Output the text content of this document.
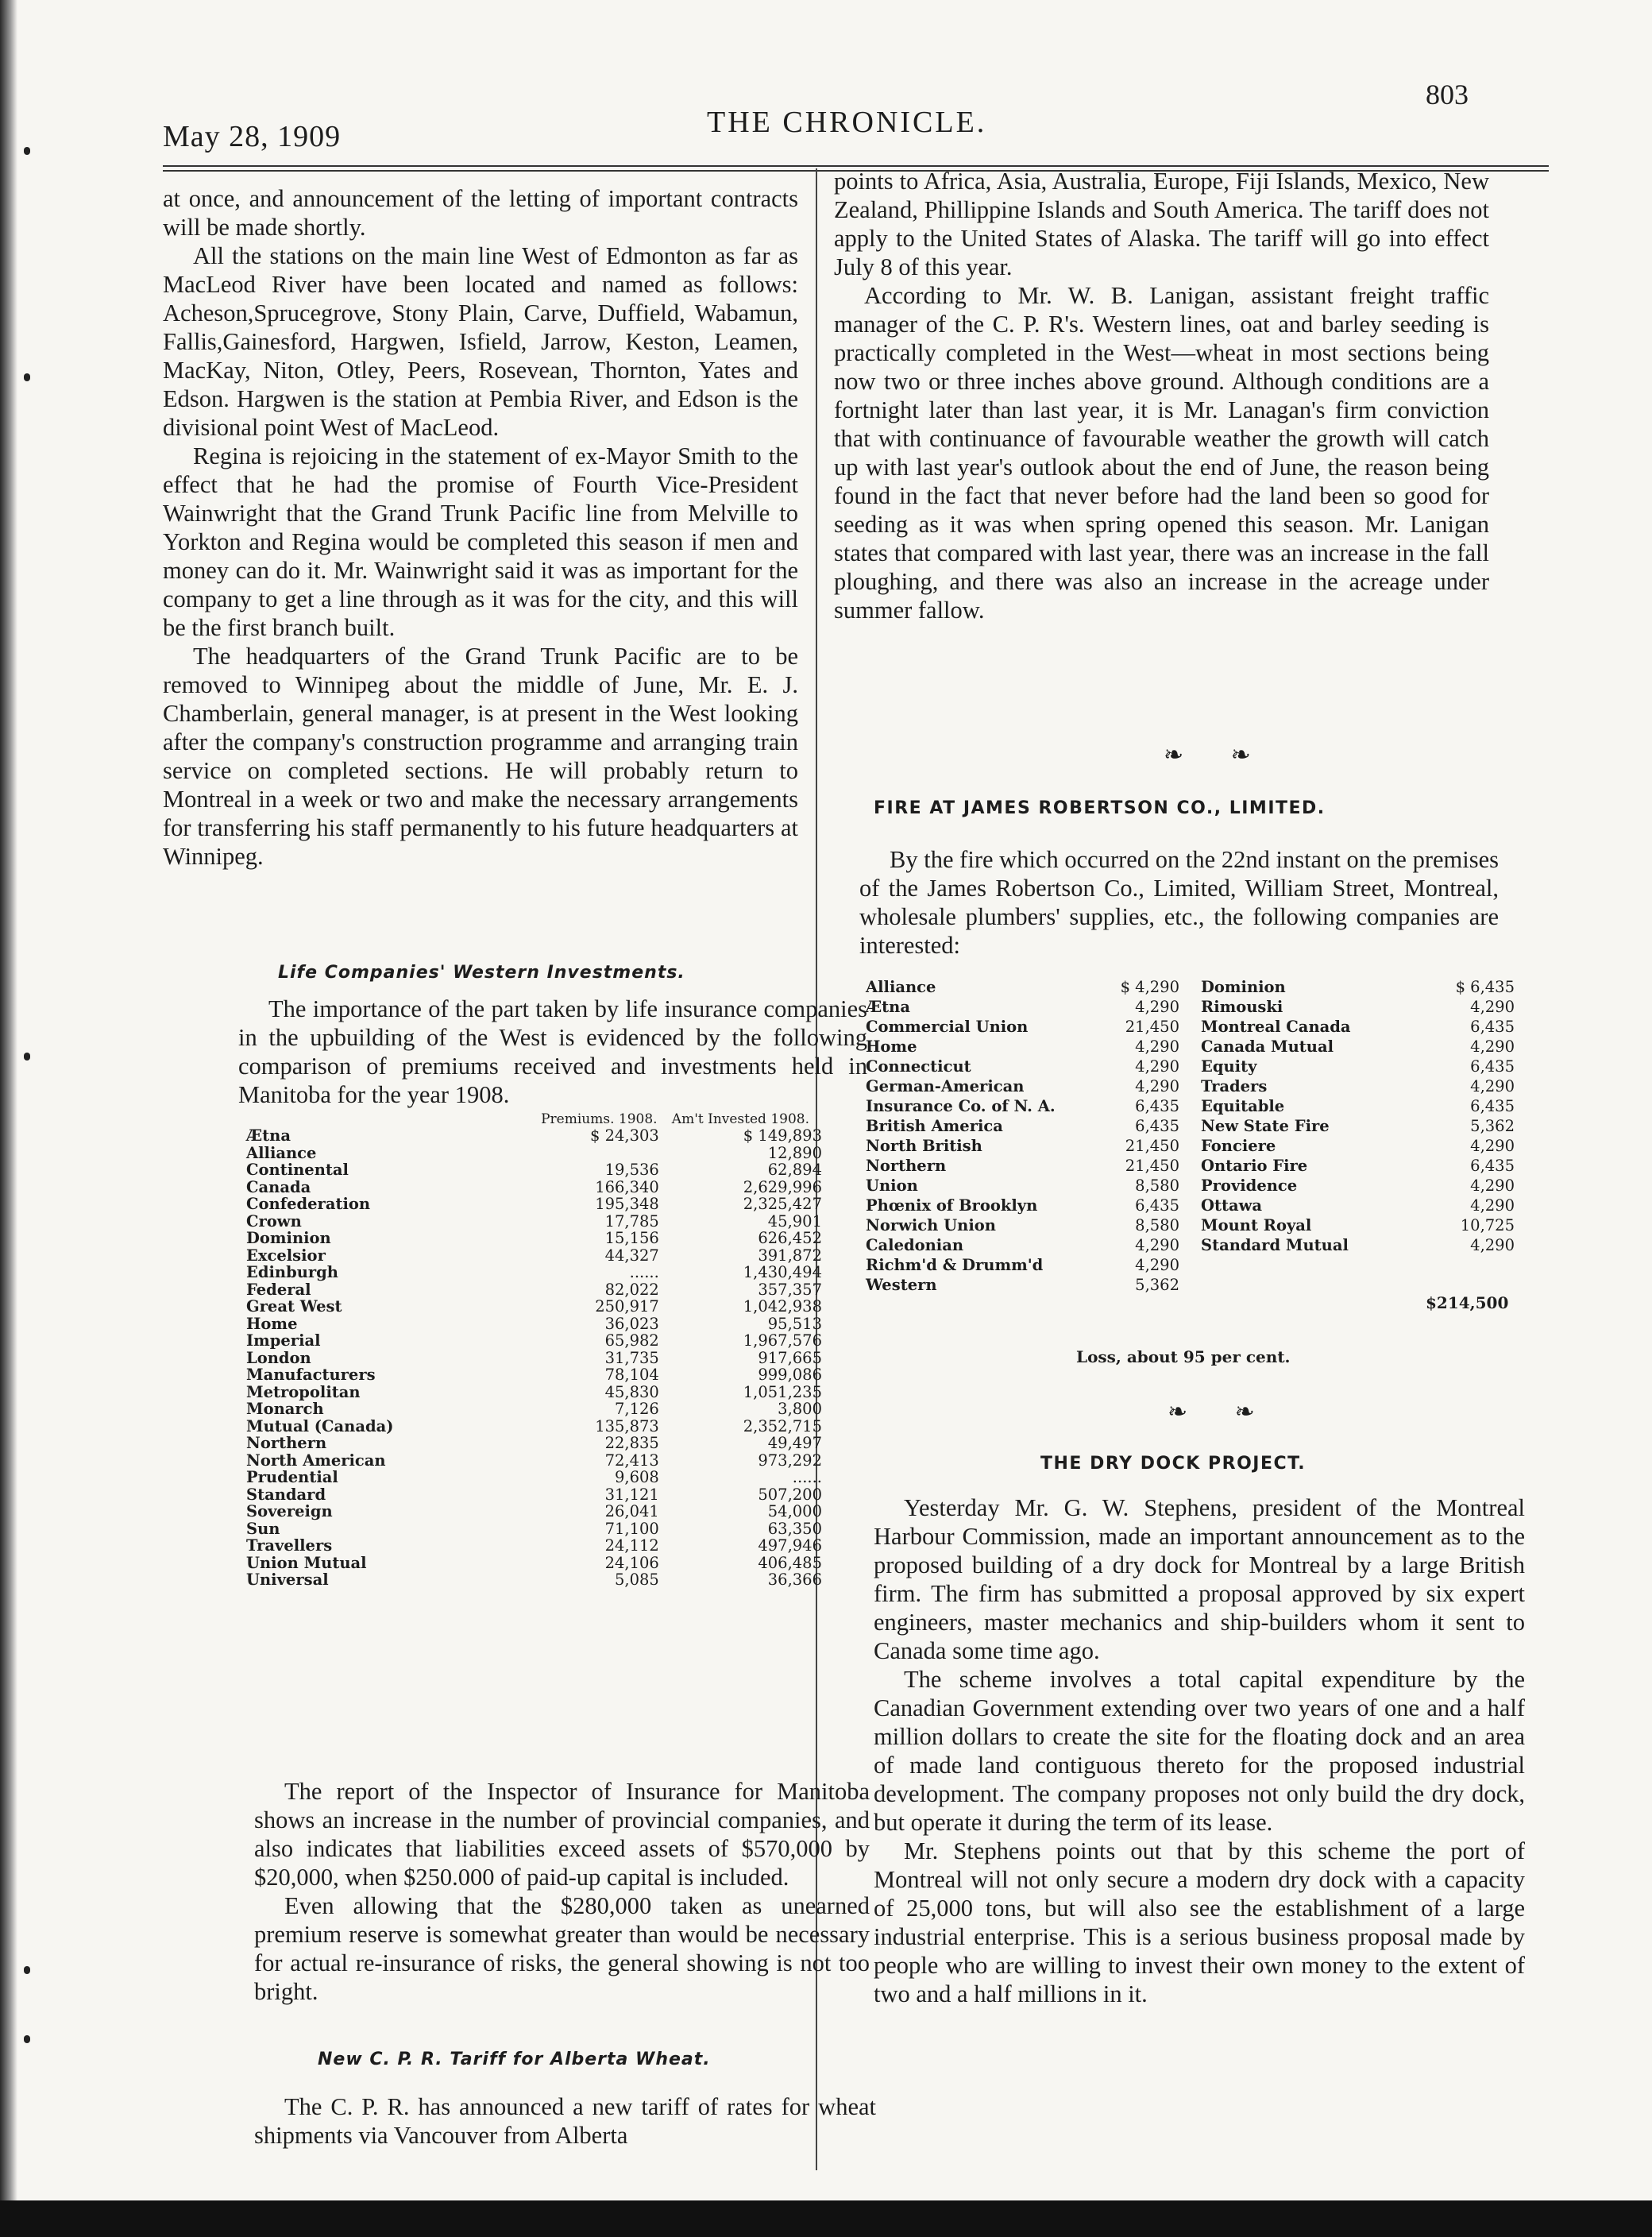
May 28, 1909	THE CHRONICLE.
803

at once, and announcement of the letting of important contracts will be made shortly.

All the stations on the main line West of Edmonton as far as MacLeod River have been located and named as follows: Acheson,Sprucegrove, Stony Plain, Carve, Duffield, Wabamun, Fallis,Gainesford, Hargwen, Isfield, Jarrow, Keston, Leamen, MacKay, Niton, Otley, Peers, Rosevean, Thornton, Yates and Edson. Hargwen is the station at Pembia River, and Edson is the divisional point West of MacLeod.

Regina is rejoicing in the statement of ex-Mayor Smith to the effect that he had the promise of Fourth Vice-President Wainwright that the Grand Trunk Pacific line from Melville to Yorkton and Regina would be completed this season if men and money can do it. Mr. Wainwright said it was as important for the company to get a line through as it was for the city, and this will be the first branch built.

The headquarters of the Grand Trunk Pacific are to be removed to Winnipeg about the middle of June, Mr. E. J. Chamberlain, general manager, is at present in the West looking after the company's construction programme and arranging train service on completed sections. He will probably return to Montreal in a week or two and make the necessary arrangements for transferring his staff permanently to his future headquarters at Winnipeg.

Life Companies' Western Investments.

The importance of the part taken by life insurance companies in the upbuilding of the West is evidenced by the following comparison of premiums received and investments held in Manitoba for the year 1908.

	Premiums. 1908.	Am't Invested 1908.
Ætna	$ 24,303	$ 149,893
Alliance		12,890
Continental	19,536	62,894
Canada	166,340	2,629,996
Confederation	195,348	2,325,427
Crown	17,785	45,901
Dominion	15,156	626,452
Excelsior	44,327	391,872
Edinburgh	......	1,430,494
Federal	82,022	357,357
Great West	250,917	1,042,938
Home	36,023	95,513
Imperial	65,982	1,967,576
London	31,735	917,665
Manufacturers	78,104	999,086
Metropolitan	45,830	1,051,235
Monarch	7,126	3,800
Mutual (Canada)	135,873	2,352,715
Northern	22,835	49,497
North American	72,413	973,292
Prudential	9,608	......
Standard	31,121	507,200
Sovereign	26,041	54,000
Sun	71,100	63,350
Travellers	24,112	497,946
Union Mutual	24,106	406,485
Universal	5,085	36,366

The report of the Inspector of Insurance for Manitoba shows an increase in the number of provincial companies, and also indicates that liabilities exceed assets of $570,000 by $20,000, when $250.000 of paid-up capital is included.

Even allowing that the $280,000 taken as unearned premium reserve is somewhat greater than would be necessary for actual re-insurance of risks, the general showing is not too bright.

New C. P. R. Tariff for Alberta Wheat.

The C. P. R. has announced a new tariff of rates for wheat shipments via Vancouver from Alberta

points to Africa, Asia, Australia, Europe, Fiji Islands, Mexico, New Zealand, Phillippine Islands and South America. The tariff does not apply to the United States of Alaska. The tariff will go into effect July 8 of this year.

According to Mr. W. B. Lanigan, assistant freight traffic manager of the C. P. R's. Western lines, oat and barley seeding is practically completed in the West—wheat in most sections being now two or three inches above ground. Although conditions are a fortnight later than last year, it is Mr. Lanagan's firm conviction that with continuance of favourable weather the growth will catch up with last year's outlook about the end of June, the reason being found in the fact that never before had the land been so good for seeding as it was when spring opened this season. Mr. Lanigan states that compared with last year, there was an increase in the fall ploughing, and there was also an increase in the acreage under summer fallow.

❧ ❧
FIRE AT JAMES ROBERTSON CO., LIMITED.

By the fire which occurred on the 22nd instant on the premises of the James Robertson Co., Limited, William Street, Montreal, wholesale plumbers' supplies, etc., the following companies are interested:

Alliance	$ 4,290
Ætna	4,290
Commercial Union	21,450
Home	4,290
Connecticut	4,290
German-American	4,290
Insurance Co. of N. A.	6,435
British America	6,435
North British	21,450
Northern	21,450
Union	8,580
Phœnix of Brooklyn	6,435
Norwich Union	8,580
Caledonian	4,290
Richm'd & Drumm'd	4,290
Western	5,362
Dominion	$ 6,435
Rimouski	4,290
Montreal Canada	6,435
Canada Mutual	4,290
Equity	6,435
Traders	4,290
Equitable	6,435
New State Fire	5,362
Fonciere	4,290
Ontario Fire	6,435
Providence	4,290
Ottawa	4,290
Mount Royal	10,725
Standard Mutual	4,290
$214,500
Loss, about 95 per cent.
❧ ❧
THE DRY DOCK PROJECT.

Yesterday Mr. G. W. Stephens, president of the Montreal Harbour Commission, made an important announcement as to the proposed building of a dry dock for Montreal by a large British firm. The firm has submitted a proposal approved by six expert engineers, master mechanics and ship-builders whom it sent to Canada some time ago.

The scheme involves a total capital expenditure by the Canadian Government extending over two years of one and a half million dollars to create the site for the floating dock and an area of made land contiguous thereto for the proposed industrial development. The company proposes not only build the dry dock, but operate it during the term of its lease.

Mr. Stephens points out that by this scheme the port of Montreal will not only secure a modern dry dock with a capacity of 25,000 tons, but will also see the establishment of a large industrial enterprise. This is a serious business proposal made by people who are willing to invest their own money to the extent of two and a half millions in it.
